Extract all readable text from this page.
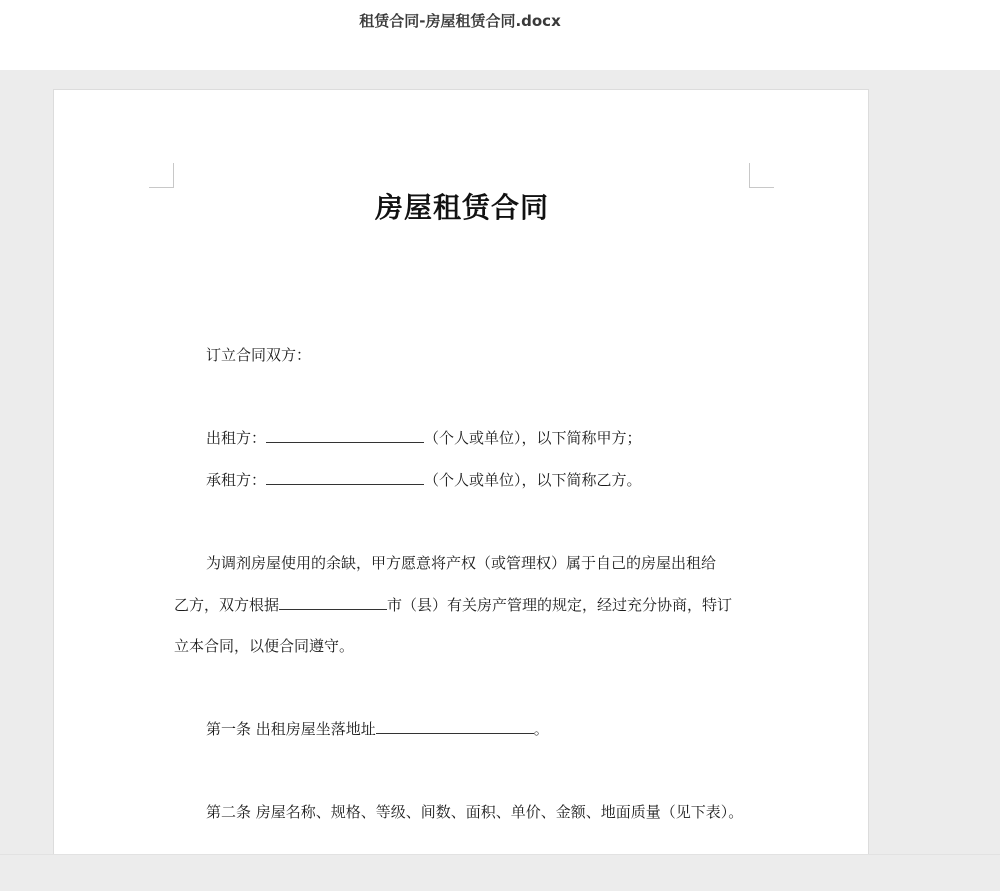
租赁合同-房屋租赁合同.docx
房屋租赁合同
订立合同双方：
出租方：	（个人或单位），以下简称甲方；
承租方：	（个人或单位），以下简称乙方。
为调剂房屋使用的余缺，甲方愿意将产权（或管理权）属于自己的房屋出租给
乙方，双方根据	市（县）有关房产管理的规定，经过充分协商，特订
立本合同，以便合同遵守。
第一条 出租房屋坐落地址	。
第二条 房屋名称、规格、等级、间数、面积、单价、金额、地面质量（见下表）。
